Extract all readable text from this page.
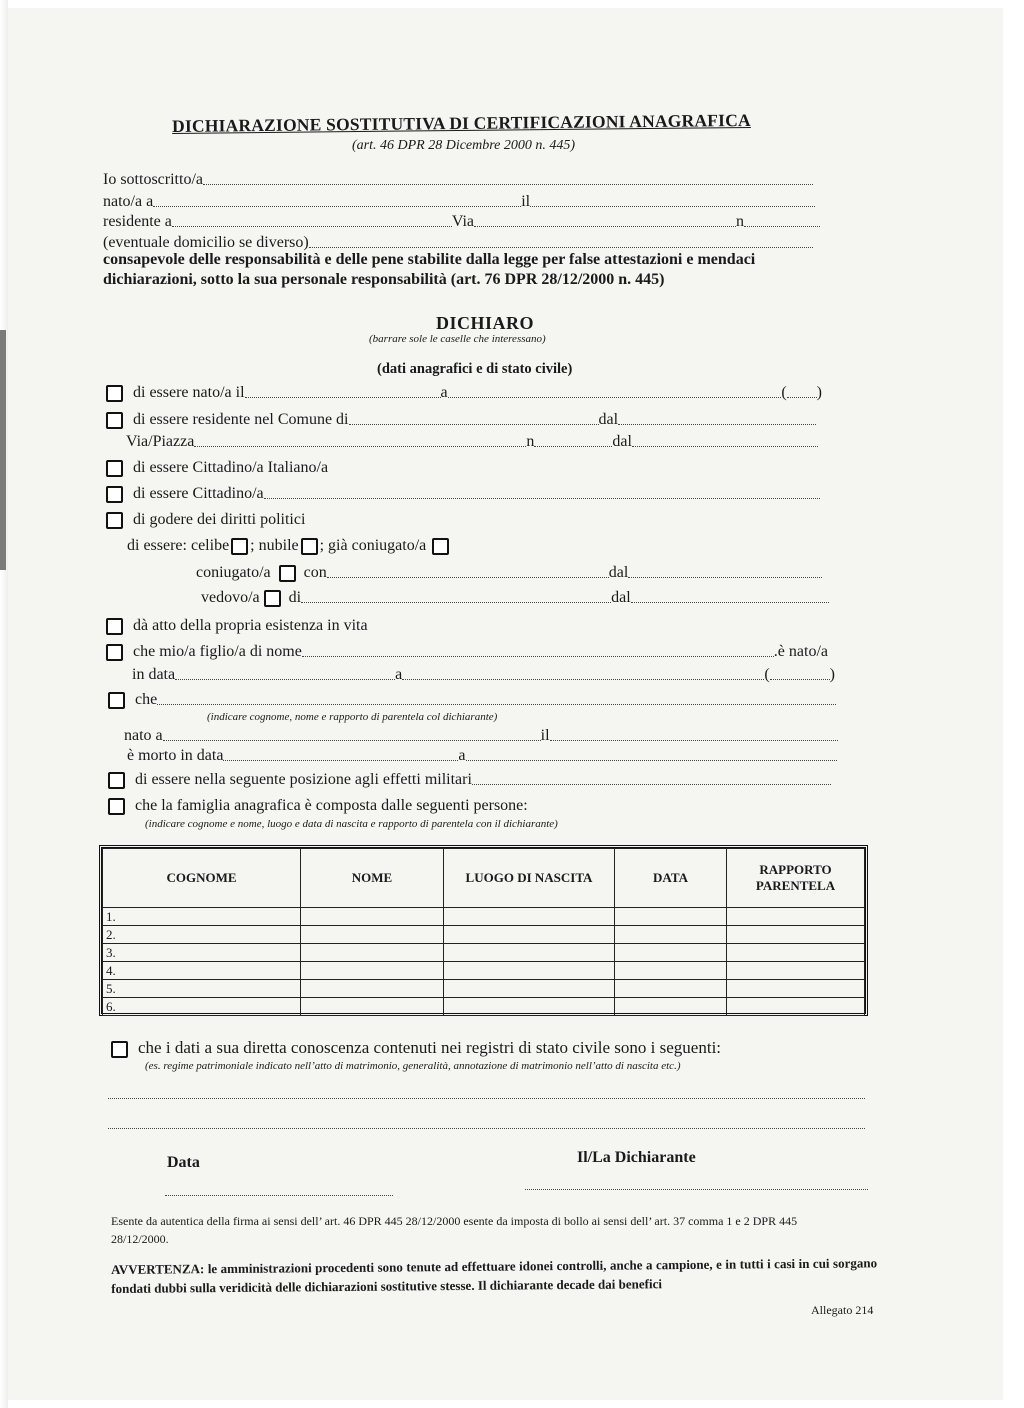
DICHIARAZIONE SOSTITUTIVA DI CERTIFICAZIONI ANAGRAFICA
(art. 46 DPR 28 Dicembre 2000 n. 445)
Io sottoscritto/a
nato/a a	il
residente a	Via	n
(eventuale domicilio se diverso)
consapevole delle responsabilità e delle pene stabilite dalla legge per false attestazioni e mendaci dichiarazioni, sotto la sua personale responsabilità (art. 76 DPR 28/12/2000 n. 445)
DICHIARO
(barrare sole le caselle che interessano)
(dati anagrafici e di stato civile)
di essere nato/a il	a	( )
di essere residente nel Comune di	dal
Via/Piazza	n	dal
di essere Cittadino/a Italiano/a
di essere Cittadino/a
di godere dei diritti politici
di essere: celibe ; nubile ; già coniugato/a
coniugato/a con	dal
vedovo/a di	dal
dà atto della propria esistenza in vita
che mio/a figlio/a di nome	.è nato/a
in data	a	(	)
che
(indicare cognome, nome e rapporto di parentela col dichiarante)
nato a	il
è morto in data	a
di essere nella seguente posizione agli effetti militari
che la famiglia anagrafica è composta dalle seguenti persone:
(indicare cognome e nome, luogo e data di nascita e rapporto di parentela con il dichiarante)
COGNOME	NOME	LUOGO DI NASCITA	DATA	RAPPORTO PARENTELA
1.				
2.				
3.				
4.				
5.				
6.				
che i dati a sua diretta conoscenza contenuti nei registri di stato civile sono i seguenti:
(es. regime patrimoniale indicato nell’atto di matrimonio, generalità, annotazione di matrimonio nell’atto di nascita etc.)
Data	Il/La Dichiarante
Esente da autentica della firma ai sensi dell’ art. 46 DPR 445 28/12/2000 esente da imposta di bollo ai sensi dell’ art. 37 comma 1 e 2 DPR 445 28/12/2000.
AVVERTENZA: le amministrazioni procedenti sono tenute ad effettuare idonei controlli, anche a campione, e in tutti i casi in cui sorgano fondati dubbi sulla veridicità delle dichiarazioni sostitutive stesse. Il dichiarante decade dai benefici
Allegato 214
